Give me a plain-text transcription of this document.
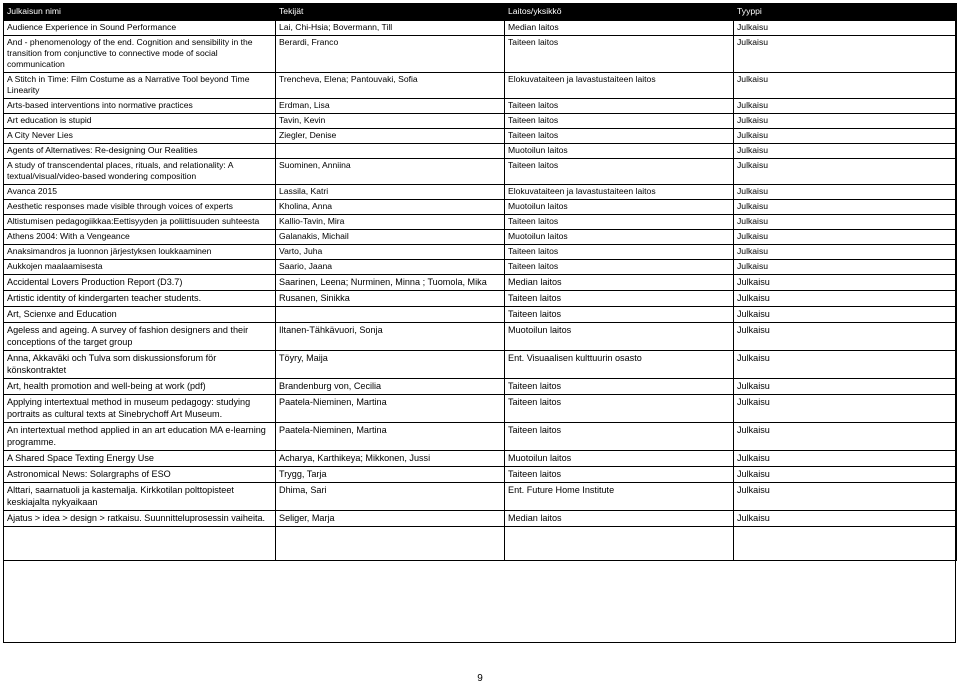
Julkaisun nimi	Tekijät	Laitos/yksikkö	Tyyppi
Audience Experience in Sound Performance	Lai, Chi-Hsia; Bovermann, Till	Median laitos	Julkaisu
And - phenomenology of the end. Cognition and sensibility in the transition from conjunctive to connective mode of social communication	Berardi, Franco	Taiteen laitos	Julkaisu
A Stitch in Time: Film Costume as a Narrative Tool beyond Time Linearity	Trencheva, Elena; Pantouvaki, Sofia	Elokuvataiteen ja lavastustaiteen laitos	Julkaisu
Arts-based interventions into normative practices	Erdman, Lisa	Taiteen laitos	Julkaisu
Art education is stupid	Tavin, Kevin	Taiteen laitos	Julkaisu
A City Never Lies	Ziegler, Denise	Taiteen laitos	Julkaisu
Agents of Alternatives: Re-designing Our Realities		Muotoilun laitos	Julkaisu
A study of transcendental places, rituals, and relationality: A textual/visual/video-based wondering composition	Suominen, Anniina	Taiteen laitos	Julkaisu
Avanca 2015	Lassila, Katri	Elokuvataiteen ja lavastustaiteen laitos	Julkaisu
Aesthetic responses made visible through voices of experts	Kholina, Anna	Muotoilun laitos	Julkaisu
Altistumisen pedagogiikkaa:Eettisyyden ja poliittisuuden suhteesta	Kallio-Tavin, Mira	Taiteen laitos	Julkaisu
Athens 2004: With a Vengeance	Galanakis, Michail	Muotoilun laitos	Julkaisu
Anaksimandros ja luonnon järjestyksen loukkaaminen	Varto, Juha	Taiteen laitos	Julkaisu
Aukkojen maalaamisesta	Saario, Jaana	Taiteen laitos	Julkaisu
Accidental Lovers Production Report (D3.7)	Saarinen, Leena; Nurminen, Minna ; Tuomola, Mika	Median laitos	Julkaisu
Artistic identity of kindergarten teacher students.	Rusanen, Sinikka	Taiteen laitos	Julkaisu
Art, Scienxe and Education		Taiteen laitos	Julkaisu
Ageless and ageing. A survey of fashion designers and their conceptions of the target group	Iltanen-Tähkävuori, Sonja	Muotoilun laitos	Julkaisu
Anna, Akkaväki och Tulva som diskussionsforum för könskontraktet	Töyry, Maija	Ent. Visuaalisen kulttuurin osasto	Julkaisu
Art, health promotion and well-being at work (pdf)	Brandenburg von, Cecilia	Taiteen laitos	Julkaisu
Applying intertextual method in museum pedagogy: studying portraits as cultural texts at Sinebrychoff Art Museum.	Paatela-Nieminen, Martina	Taiteen laitos	Julkaisu
An intertextual method applied in an art education MA e-learning programme.	Paatela-Nieminen, Martina	Taiteen laitos	Julkaisu
A Shared Space Texting Energy Use	Acharya, Karthikeya; Mikkonen, Jussi	Muotoilun laitos	Julkaisu
Astronomical News: Solargraphs of ESO	Trygg, Tarja	Taiteen laitos	Julkaisu
Alttari, saarnatuoli ja kastemalja. Kirkkotilan polttopisteet keskiajalta nykyaikaan	Dhima, Sari	Ent. Future Home Institute	Julkaisu
Ajatus > idea > design > ratkaisu. Suunnitteluprosessin vaiheita.	Seliger, Marja	Median laitos	Julkaisu

9
